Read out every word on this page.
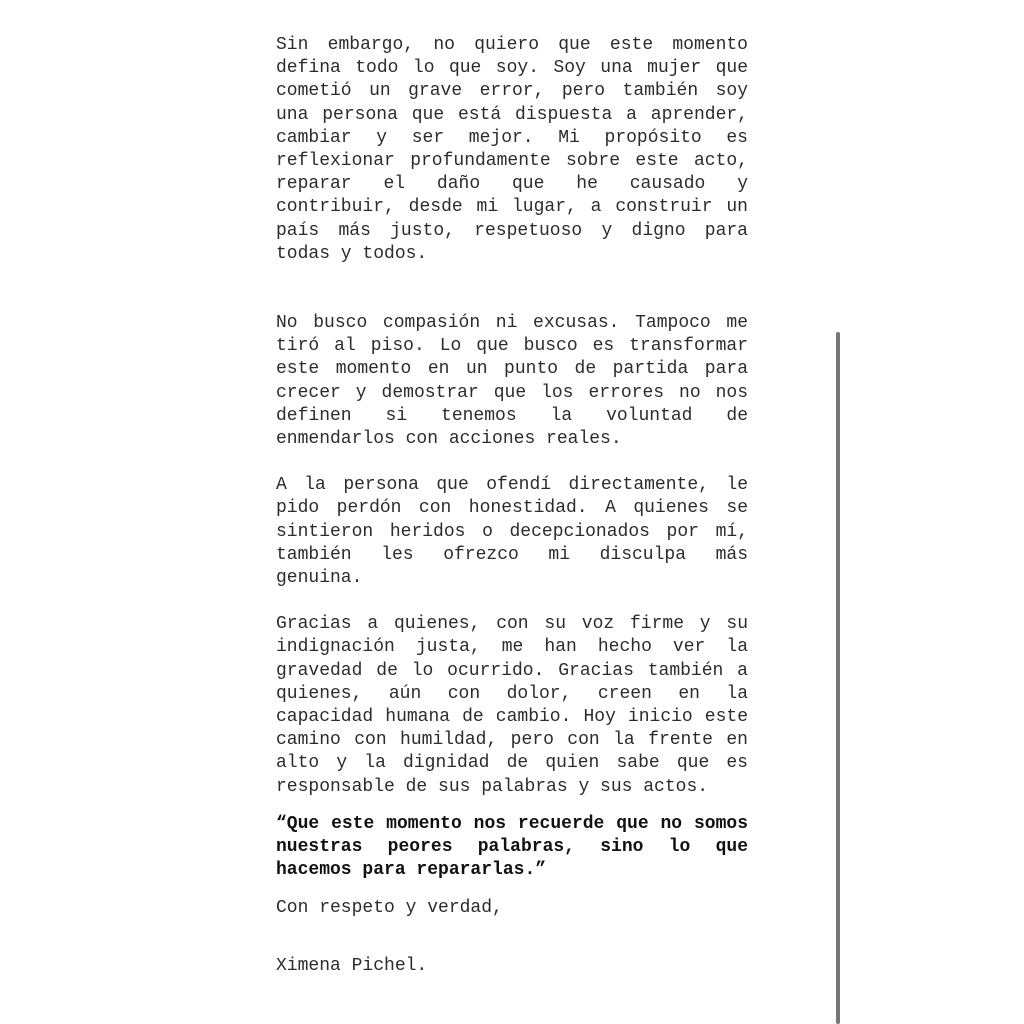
Sin embargo, no quiero que este momento defina todo lo que soy. Soy una mujer que cometió un grave error, pero también soy una persona que está dispuesta a aprender, cambiar y ser mejor. Mi propósito es reflexionar profundamente sobre este acto, reparar el daño que he causado y contribuir, desde mi lugar, a construir un país más justo, respetuoso y digno para todas y todos.

No busco compasión ni excusas. Tampoco me tiró al piso. Lo que busco es transformar este momento en un punto de partida para crecer y demostrar que los errores no nos definen si tenemos la voluntad de enmendarlos con acciones reales.

A la persona que ofendí directamente, le pido perdón con honestidad. A quienes se sintieron heridos o decepcionados por mí, también les ofrezco mi disculpa más genuina.

Gracias a quienes, con su voz firme y su indignación justa, me han hecho ver la gravedad de lo ocurrido. Gracias también a quienes, aún con dolor, creen en la capacidad humana de cambio. Hoy inicio este camino con humildad, pero con la frente en alto y la dignidad de quien sabe que es responsable de sus palabras y sus actos.

“Que este momento nos recuerde que no somos nuestras peores palabras, sino lo que hacemos para repararlas.”

Con respeto y verdad,

Ximena Pichel.
